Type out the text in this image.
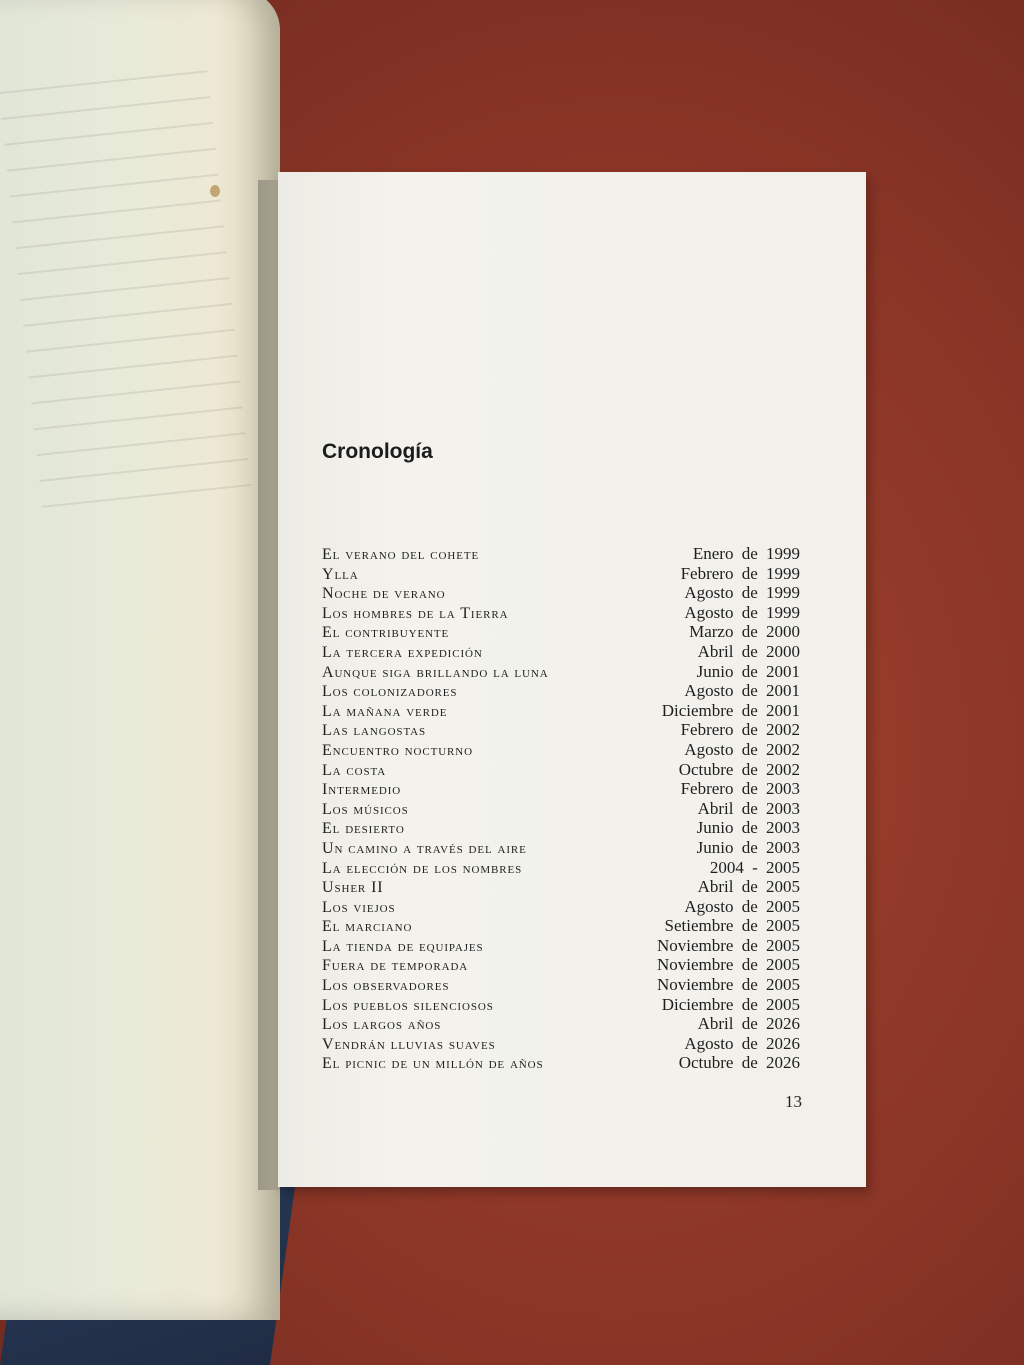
Cronología
El verano del cohete	Enero de 1999
Ylla	Febrero de 1999
Noche de verano	Agosto de 1999
Los hombres de la Tierra	Agosto de 1999
El contribuyente	Marzo de 2000
La tercera expedición	Abril de 2000
Aunque siga brillando la luna	Junio de 2001
Los colonizadores	Agosto de 2001
La mañana verde	Diciembre de 2001
Las langostas	Febrero de 2002
Encuentro nocturno	Agosto de 2002
La costa	Octubre de 2002
Intermedio	Febrero de 2003
Los músicos	Abril de 2003
El desierto	Junio de 2003
Un camino a través del aire	Junio de 2003
La elección de los nombres	2004 - 2005
Usher II	Abril de 2005
Los viejos	Agosto de 2005
El marciano	Setiembre de 2005
La tienda de equipajes	Noviembre de 2005
Fuera de temporada	Noviembre de 2005
Los observadores	Noviembre de 2005
Los pueblos silenciosos	Diciembre de 2005
Los largos años	Abril de 2026
Vendrán lluvias suaves	Agosto de 2026
El picnic de un millón de años	Octubre de 2026
13
